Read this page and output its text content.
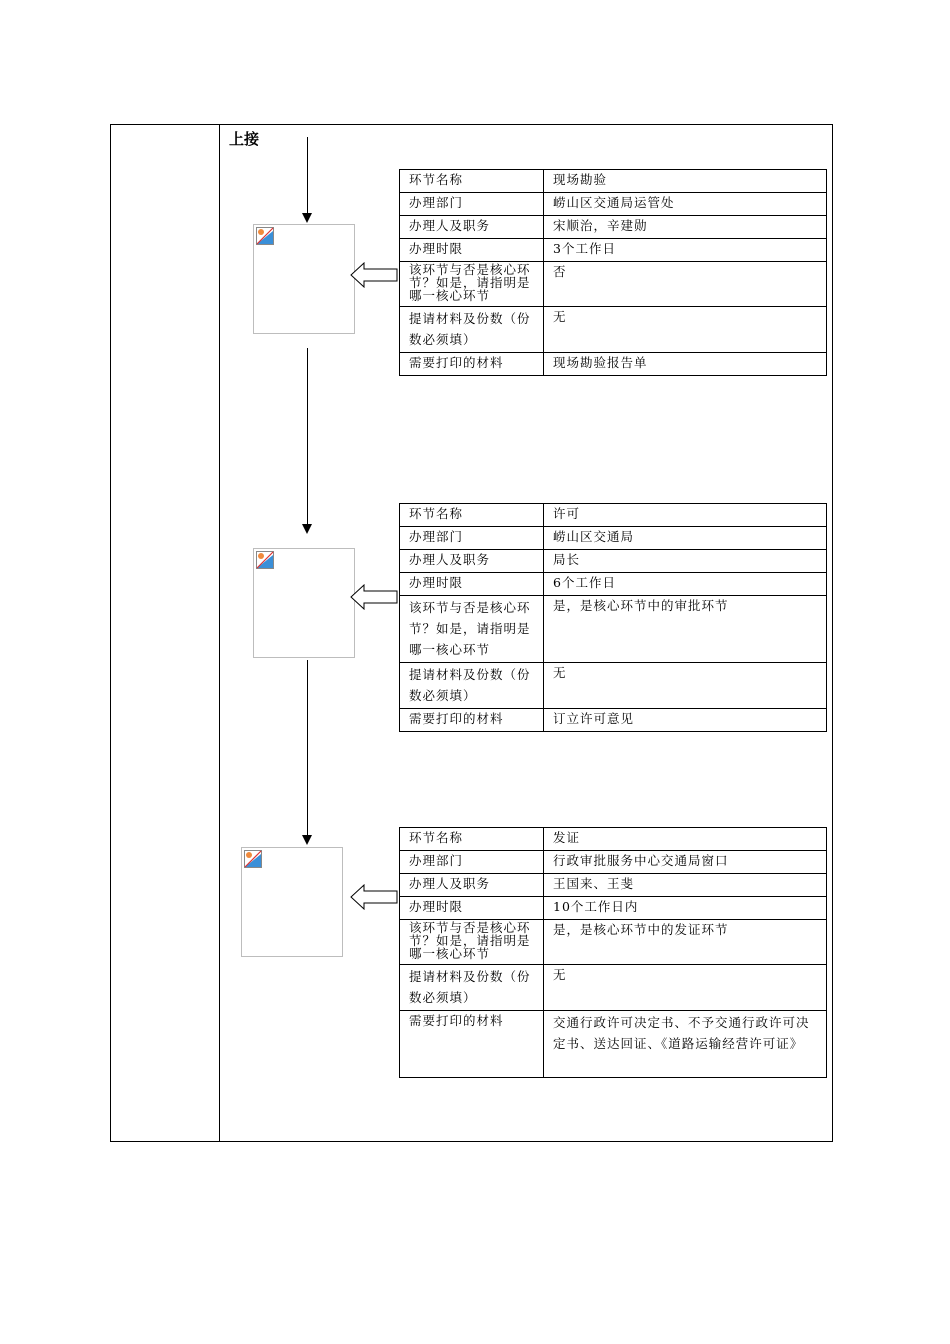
上接
环节名称	现场勘验
办理部门	崂山区交通局运管处
办理人及职务	宋顺治，辛建勋
办理时限	3个工作日
该环节与否是核心环节？如是，请指明是哪一核心环节	否
提请材料及份数（份数必须填）	无
需要打印的材料	现场勘验报告单
环节名称	许可
办理部门	崂山区交通局
办理人及职务	局长
办理时限	6个工作日
该环节与否是核心环节？如是，请指明是哪一核心环节	是，是核心环节中的审批环节
提请材料及份数（份数必须填）	无
需要打印的材料	订立许可意见
环节名称	发证
办理部门	行政审批服务中心交通局窗口
办理人及职务	王国来、王斐
办理时限	10个工作日内
该环节与否是核心环节？如是，请指明是哪一核心环节	是，是核心环节中的发证环节
提请材料及份数（份数必须填）	无
需要打印的材料	交通行政许可决定书、不予交通行政许可决定书、送达回证、《道路运输经营许可证》
